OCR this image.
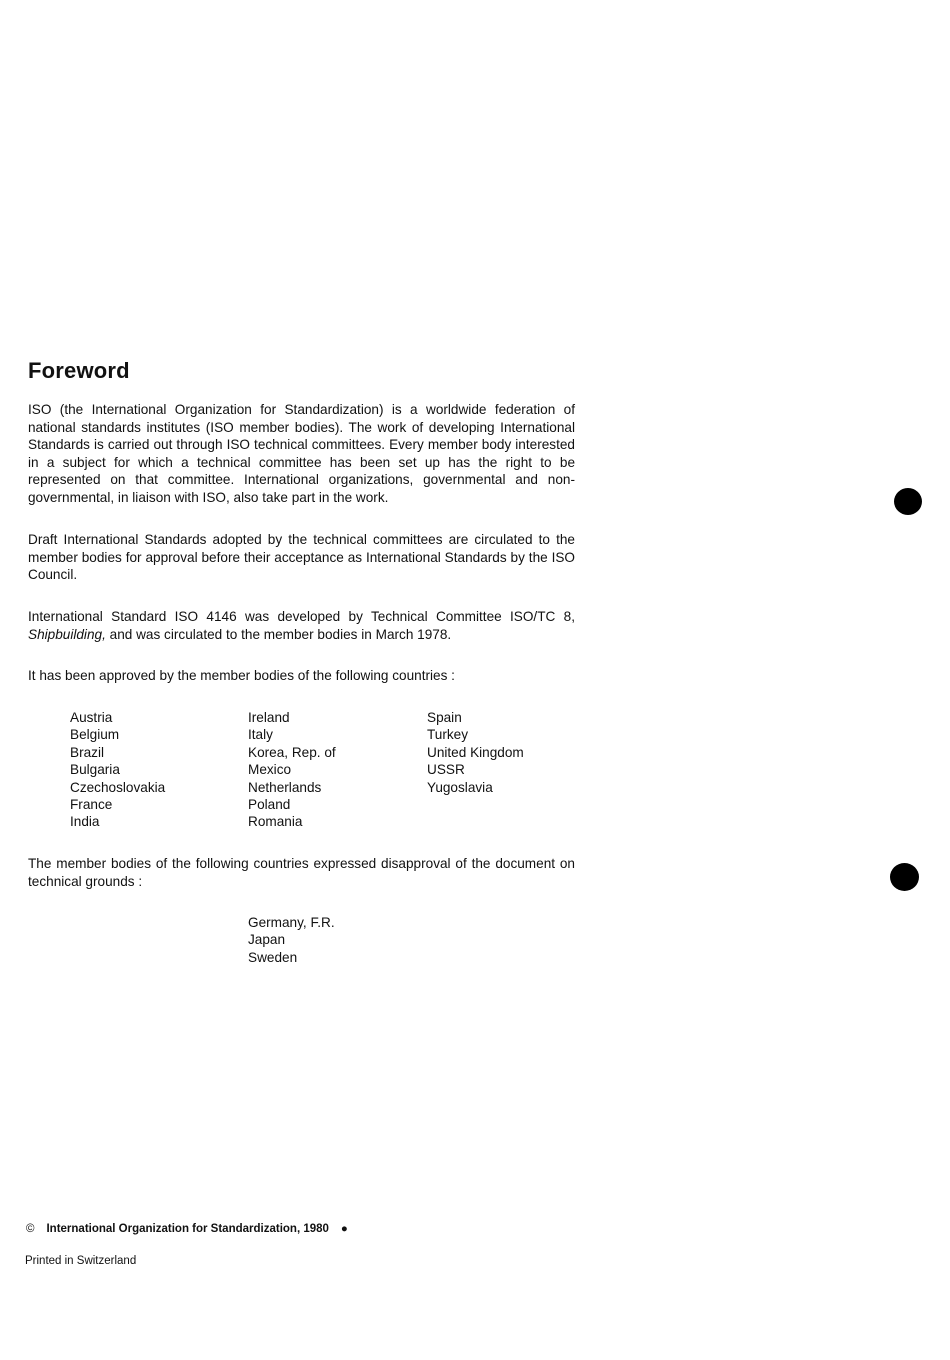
Foreword

ISO (the International Organization for Standardization) is a worldwide federation of national standards institutes (ISO member bodies). The work of developing International Standards is carried out through ISO technical committees. Every member body interested in a subject for which a technical committee has been set up has the right to be represented on that committee. International organizations, governmental and non-governmental, in liaison with ISO, also take part in the work.

Draft International Standards adopted by the technical committees are circulated to the member bodies for approval before their acceptance as International Standards by the ISO Council.

International Standard ISO 4146 was developed by Technical Committee ISO/TC 8, Shipbuilding, and was circulated to the member bodies in March 1978.

It has been approved by the member bodies of the following countries :

Austria
Belgium
Brazil
Bulgaria
Czechoslovakia
France
India
Ireland
Italy
Korea, Rep. of
Mexico
Netherlands
Poland
Romania
Spain
Turkey
United Kingdom
USSR
Yugoslavia

The member bodies of the following countries expressed disapproval of the document on technical grounds :

Germany, F.R.
Japan
Sweden
© International Organization for Standardization, 1980 ●
Printed in Switzerland
